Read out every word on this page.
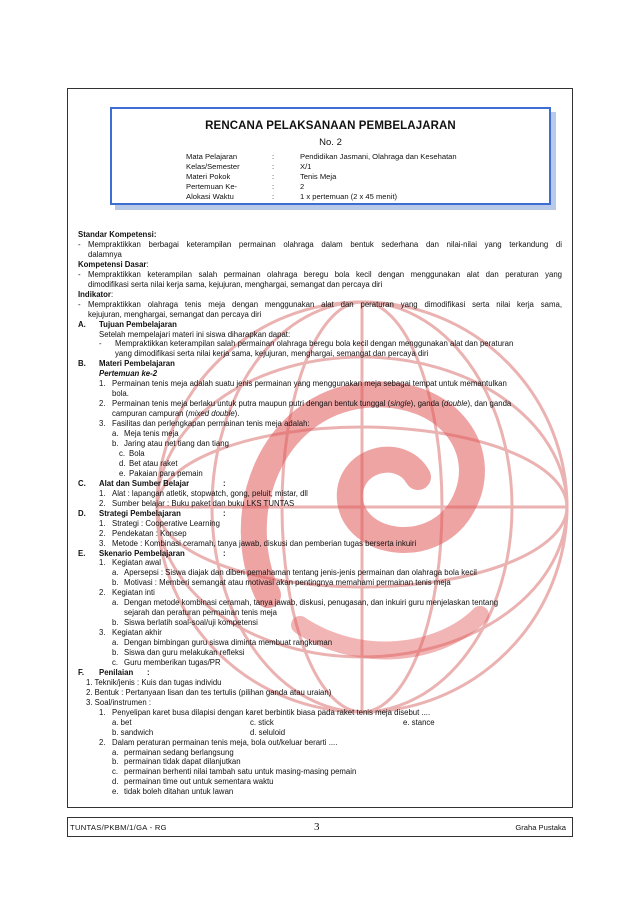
RENCANA PELAKSANAAN PEMBELAJARAN
No. 2
Mata Pelajaran	:	Pendidikan Jasmani, Olahraga dan Kesehatan
Kelas/Semester	:	X/1
Materi Pokok	:	Tenis Meja
Pertemuan Ke-	:	2
Alokasi Waktu	:	1 x pertemuan (2 x 45 menit)
Standar Kompetensi:
- Mempraktikkan berbagai keterampilan permainan olahraga dalam bentuk sederhana dan nilai-nilai yang terkandung di
dalamnya
Kompetensi Dasar:
- Mempraktikkan keterampilan salah permainan olahraga beregu bola kecil dengan menggunakan alat dan peraturan yang
dimodifikasi serta nilai kerja sama, kejujuran, menghargai, semangat dan percaya diri
Indikator:
- Mempraktikkan olahraga tenis meja dengan menggunakan alat dan peraturan yang dimodifikasi serta nilai kerja sama,
kejujuran, menghargai, semangat dan percaya diri
A.	Tujuan Pembelajaran
Setelah mempelajari materi ini siswa diharapkan dapat:
-	Mempraktikkan keterampilan salah permainan olahraga beregu bola kecil dengan menggunakan alat dan peraturan
yang dimodifikasi serta nilai kerja sama, kejujuran, menghargai, semangat dan percaya diri
B.	Materi Pembelajaran
Pertemuan ke-2
1. Permainan tenis meja adalah suatu jenis permainan yang menggunakan meja sebagai tempat untuk memantulkan
bola.
2. Permainan tenis meja berlaku untuk putra maupun putri dengan bentuk tunggal (single), ganda (double), dan ganda
campuran campuran (mixed double).
3. Fasilitas dan perlengkapan permainan tenis meja adalah:
a. Meja tenis meja
b. Jaring atau net tiang dan tiang
c. Bola
d. Bet atau raket
e. Pakaian para pemain
C.	Alat dan Sumber Belajar	:
1. Alat : lapangan atletik, stopwatch, gong, peluit, mistar, dll
2. Sumber belajar : Buku paket dan buku LKS TUNTAS
D.	Strategi Pembelajaran	:
1. Strategi : Cooperative Learning
2. Pendekatan : Konsep
3. Metode : Kombinasi ceramah, tanya jawab, diskusi dan pemberian tugas berserta inkuiri
E.	Skenario Pembelajaran	:
1. Kegiatan awal
a. Apersepsi : Siswa diajak dan diberi pemahaman tentang jenis-jenis permainan dan olahraga bola kecil
b. Motivasi : Memberi semangat atau motivasi akan pentingnya memahami permainan tenis meja
2. Kegiatan inti
a. Dengan metode kombinasi ceramah, tanya jawab, diskusi, penugasan, dan inkuiri guru menjelaskan tentang
sejarah dan peraturan permainan tenis meja
b. Siswa berlatih soal-soal/uji kompetensi
3. Kegiatan akhir
a. Dengan bimbingan guru siswa diminta membuat rangkuman
b. Siswa dan guru melakukan refleksi
c. Guru memberikan tugas/PR
F.	Penilaian	:
1. Teknik/jenis : Kuis dan tugas individu
2. Bentuk : Pertanyaan lisan dan tes tertulis (pilihan ganda atau uraian)
3. Soal/instrumen :
1. Penyelipan karet busa dilapisi dengan karet berbintik biasa pada raket tenis meja disebut ....
a. bet	c. stick	e. stance
b. sandwich	d. seluloid
2. Dalam peraturan permainan tenis meja, bola out/keluar berarti ....
a. permainan sedang berlangsung
b. permainan tidak dapat dilanjutkan
c. permainan berhenti nilai tambah satu untuk masing-masing pemain
d. permainan time out untuk sementara waktu
e. tidak boleh ditahan untuk lawan
TUNTAS/PKBM/1/GA - RG	3	Graha Pustaka
